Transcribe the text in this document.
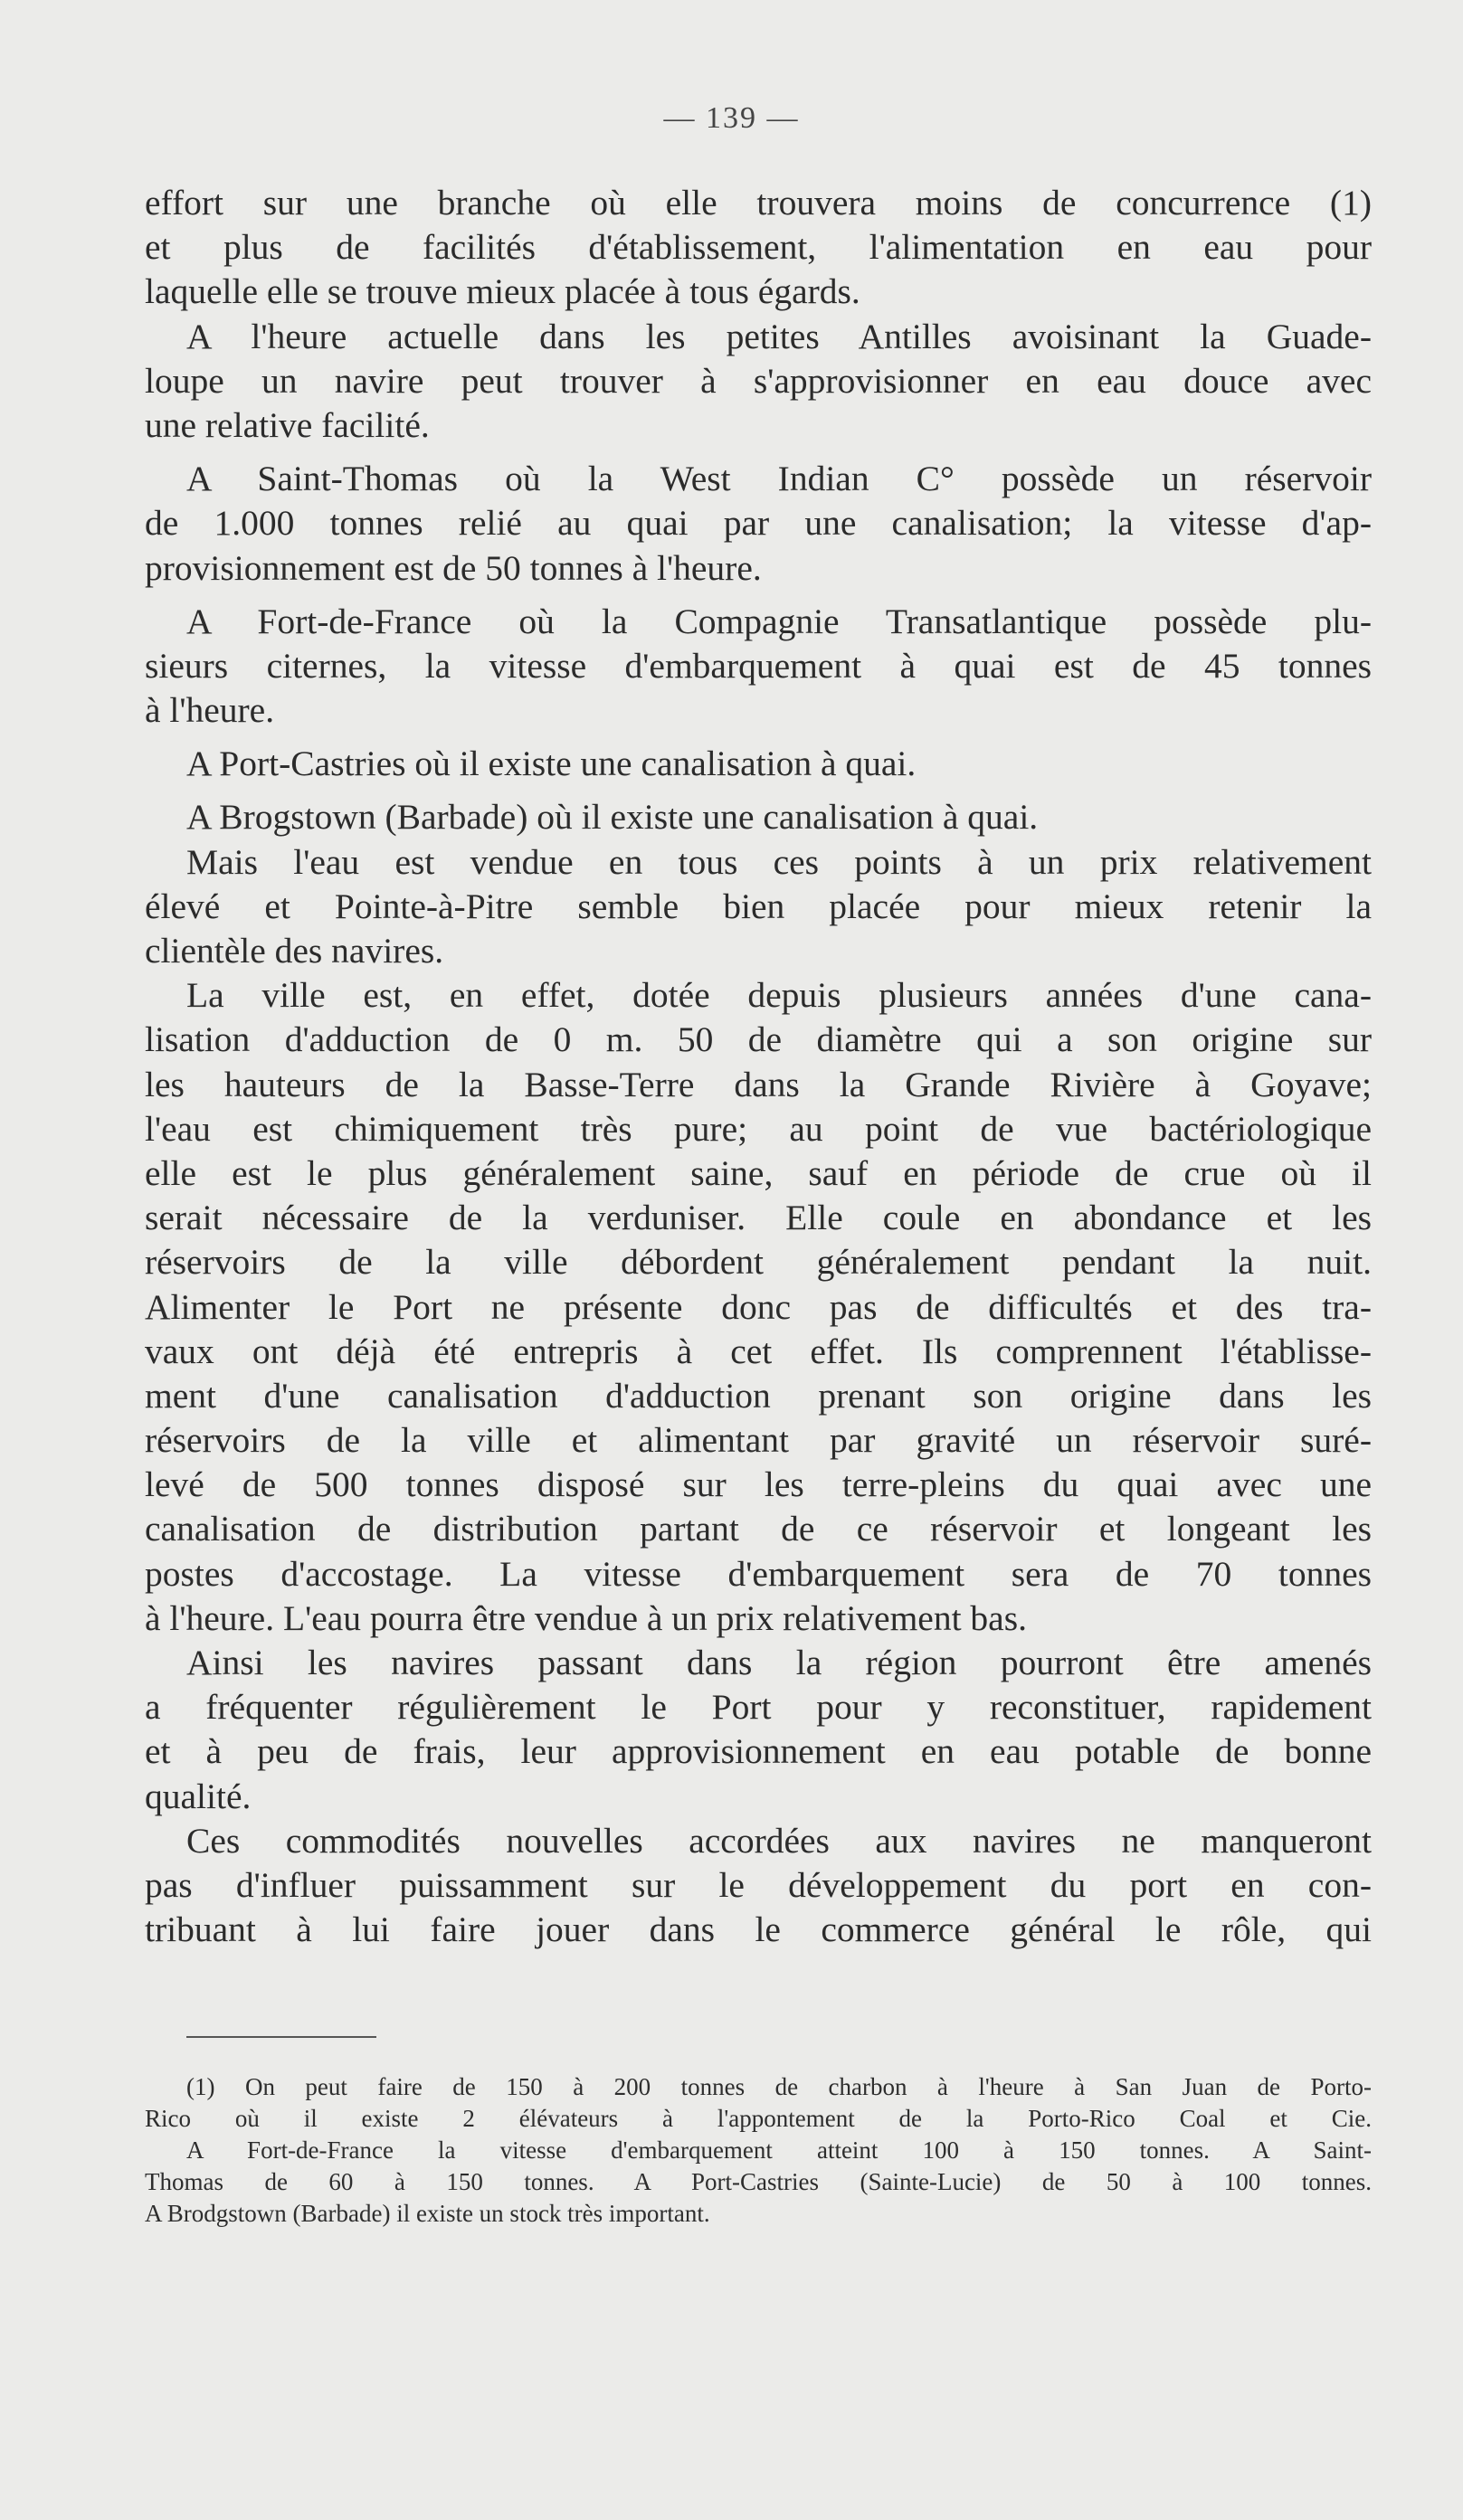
— 139 —
effort sur une branche où elle trouvera moins de concurrence (1)
et plus de facilités d'établissement, l'alimentation en eau pour
laquelle elle se trouve mieux placée à tous égards.
A l'heure actuelle dans les petites Antilles avoisinant la Guade-
loupe un navire peut trouver à s'approvisionner en eau douce avec
une relative facilité.
A Saint-Thomas où la West Indian C° possède un réservoir
de 1.000 tonnes relié au quai par une canalisation; la vitesse d'ap-
provisionnement est de 50 tonnes à l'heure.
A Fort-de-France où la Compagnie Transatlantique possède plu-
sieurs citernes, la vitesse d'embarquement à quai est de 45 tonnes
à l'heure.
A Port-Castries où il existe une canalisation à quai.
A Brogstown (Barbade) où il existe une canalisation à quai.
Mais l'eau est vendue en tous ces points à un prix relativement
élevé et Pointe-à-Pitre semble bien placée pour mieux retenir la
clientèle des navires.
La ville est, en effet, dotée depuis plusieurs années d'une cana-
lisation d'adduction de 0 m. 50 de diamètre qui a son origine sur
les hauteurs de la Basse-Terre dans la Grande Rivière à Goyave;
l'eau est chimiquement très pure; au point de vue bactériologique
elle est le plus généralement saine, sauf en période de crue où il
serait nécessaire de la verduniser. Elle coule en abondance et les
réservoirs de la ville débordent généralement pendant la nuit.
Alimenter le Port ne présente donc pas de difficultés et des tra-
vaux ont déjà été entrepris à cet effet. Ils comprennent l'établisse-
ment d'une canalisation d'adduction prenant son origine dans les
réservoirs de la ville et alimentant par gravité un réservoir suré-
levé de 500 tonnes disposé sur les terre-pleins du quai avec une
canalisation de distribution partant de ce réservoir et longeant les
postes d'accostage. La vitesse d'embarquement sera de 70 tonnes
à l'heure. L'eau pourra être vendue à un prix relativement bas.
Ainsi les navires passant dans la région pourront être amenés
a fréquenter régulièrement le Port pour y reconstituer, rapidement
et à peu de frais, leur approvisionnement en eau potable de bonne
qualité.
Ces commodités nouvelles accordées aux navires ne manqueront
pas d'influer puissamment sur le développement du port en con-
tribuant à lui faire jouer dans le commerce général le rôle, qui
(1) On peut faire de 150 à 200 tonnes de charbon à l'heure à San Juan de Porto-
Rico où il existe 2 élévateurs à l'appontement de la Porto-Rico Coal et Cie.
A Fort-de-France la vitesse d'embarquement atteint 100 à 150 tonnes. A Saint-
Thomas de 60 à 150 tonnes. A Port-Castries (Sainte-Lucie) de 50 à 100 tonnes.
A Brodgstown (Barbade) il existe un stock très important.
